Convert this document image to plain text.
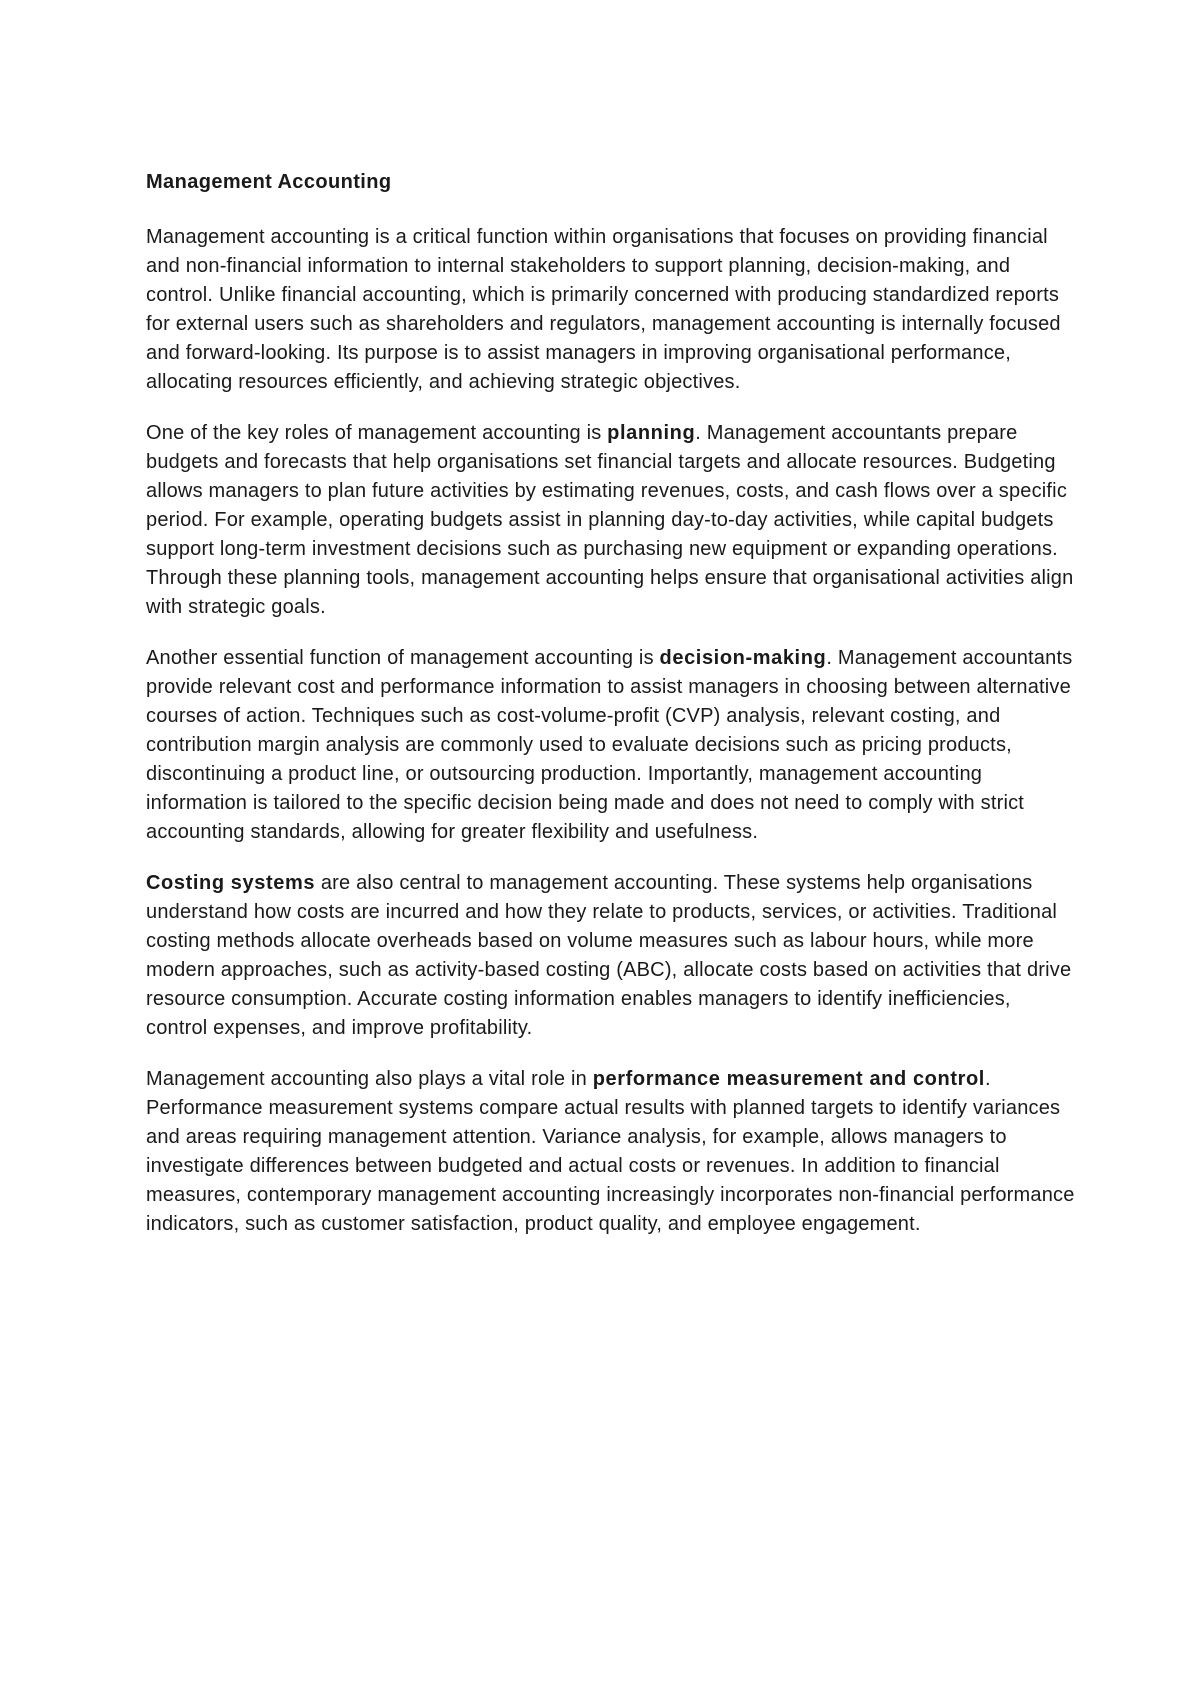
Management Accounting

Management accounting is a critical function within organisations that focuses on providing financial and non-financial information to internal stakeholders to support planning, decision-making, and control. Unlike financial accounting, which is primarily concerned with producing standardized reports for external users such as shareholders and regulators, management accounting is internally focused and forward-looking. Its purpose is to assist managers in improving organisational performance, allocating resources efficiently, and achieving strategic objectives.

One of the key roles of management accounting is planning. Management accountants prepare budgets and forecasts that help organisations set financial targets and allocate resources. Budgeting allows managers to plan future activities by estimating revenues, costs, and cash flows over a specific period. For example, operating budgets assist in planning day-to-day activities, while capital budgets support long-term investment decisions such as purchasing new equipment or expanding operations. Through these planning tools, management accounting helps ensure that organisational activities align with strategic goals.

Another essential function of management accounting is decision-making. Management accountants provide relevant cost and performance information to assist managers in choosing between alternative courses of action. Techniques such as cost-volume-profit (CVP) analysis, relevant costing, and contribution margin analysis are commonly used to evaluate decisions such as pricing products, discontinuing a product line, or outsourcing production. Importantly, management accounting information is tailored to the specific decision being made and does not need to comply with strict accounting standards, allowing for greater flexibility and usefulness.

Costing systems are also central to management accounting. These systems help organisations understand how costs are incurred and how they relate to products, services, or activities. Traditional costing methods allocate overheads based on volume measures such as labour hours, while more modern approaches, such as activity-based costing (ABC), allocate costs based on activities that drive resource consumption. Accurate costing information enables managers to identify inefficiencies, control expenses, and improve profitability.

Management accounting also plays a vital role in performance measurement and control. Performance measurement systems compare actual results with planned targets to identify variances and areas requiring management attention. Variance analysis, for example, allows managers to investigate differences between budgeted and actual costs or revenues. In addition to financial measures, contemporary management accounting increasingly incorporates non-financial performance indicators, such as customer satisfaction, product quality, and employee engagement.
